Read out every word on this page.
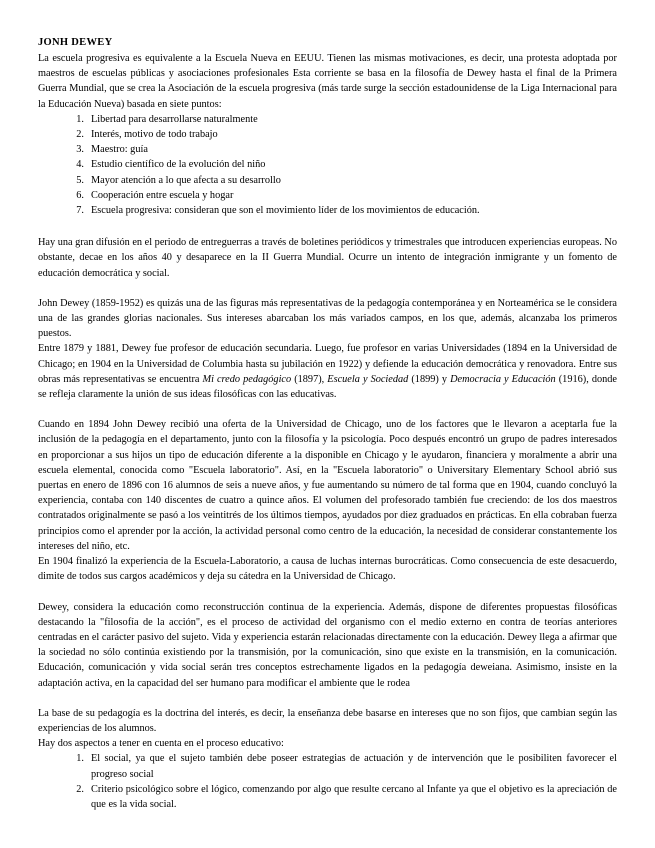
JONH DEWEY

La escuela progresiva es equivalente a la Escuela Nueva en EEUU. Tienen las mismas motivaciones, es decir, una protesta adoptada por maestros de escuelas públicas y asociaciones profesionales Esta corriente se basa en la filosofía de Dewey hasta el final de la Primera Guerra Mundial, que se crea la Asociación de la escuela progresiva (más tarde surge la sección estadounidense de la Liga Internacional para la Educación Nueva) basada en siete puntos:

Libertad para desarrollarse naturalmente
Interés, motivo de todo trabajo
Maestro: guía
Estudio científico de la evolución del niño
Mayor atención a lo que afecta a su desarrollo
Cooperación entre escuela y hogar
Escuela progresiva: consideran que son el movimiento líder de los movimientos de educación.

Hay una gran difusión en el periodo de entreguerras a través de boletines periódicos y trimestrales que introducen experiencias europeas. No obstante, decae en los años 40 y desaparece en la II Guerra Mundial. Ocurre un intento de integración inmigrante y un fomento de educación democrática y social.

John Dewey (1859-1952) es quizás una de las figuras más representativas de la pedagogía contemporánea y en Norteamérica se le considera una de las grandes glorias nacionales. Sus intereses abarcaban los más variados campos, en los que, además, alcanzaba los primeros puestos.

Entre 1879 y 1881, Dewey fue profesor de educación secundaria. Luego, fue profesor en varias Universidades (1894 en la Universidad de Chicago; en 1904 en la Universidad de Columbia hasta su jubilación en 1922) y defiende la educación democrática y renovadora. Entre sus obras más representativas se encuentra Mi credo pedagógico (1897), Escuela y Sociedad (1899) y Democracia y Educación (1916), donde se refleja claramente la unión de sus ideas filosóficas con las educativas.

Cuando en 1894 John Dewey recibió una oferta de la Universidad de Chicago, uno de los factores que le llevaron a aceptarla fue la inclusión de la pedagogía en el departamento, junto con la filosofía y la psicología. Poco después encontró un grupo de padres interesados en proporcionar a sus hijos un tipo de educación diferente a la disponible en Chicago y le ayudaron, financiera y moralmente a abrir una escuela elemental, conocida como "Escuela laboratorio". Así, en la "Escuela laboratorio" o Universitary Elementary School abrió sus puertas en enero de 1896 con 16 alumnos de seis a nueve años, y fue aumentando su número de tal forma que en 1904, cuando concluyó la experiencia, contaba con 140 discentes de cuatro a quince años. El volumen del profesorado también fue creciendo: de los dos maestros contratados originalmente se pasó a los veintitrés de los últimos tiempos, ayudados por diez graduados en prácticas. En ella cobraban fuerza principios como el aprender por la acción, la actividad personal como centro de la educación, la necesidad de considerar constantemente los intereses del niño, etc.

En 1904 finalizó la experiencia de la Escuela-Laboratorio, a causa de luchas internas burocráticas. Como consecuencia de este desacuerdo, dimite de todos sus cargos académicos y deja su cátedra en la Universidad de Chicago.

Dewey, considera la educación como reconstrucción continua de la experiencia. Además, dispone de diferentes propuestas filosóficas destacando la "filosofía de la acción", es el proceso de actividad del organismo con el medio externo en contra de teorías anteriores centradas en el carácter pasivo del sujeto. Vida y experiencia estarán relacionadas directamente con la educación. Dewey llega a afirmar que la sociedad no sólo continúa existiendo por la transmisión, por la comunicación, sino que existe en la transmisión, en la comunicación. Educación, comunicación y vida social serán tres conceptos estrechamente ligados en la pedagogía deweiana. Asimismo, insiste en la adaptación activa, en la capacidad del ser humano para modificar el ambiente que le rodea

La base de su pedagogía es la doctrina del interés, es decir, la enseñanza debe basarse en intereses que no son fijos, que cambian según las experiencias de los alumnos.

Hay dos aspectos a tener en cuenta en el proceso educativo:

El social, ya que el sujeto también debe poseer estrategias de actuación y de intervención que le posibiliten favorecer el progreso social
Criterio psicológico sobre el lógico, comenzando por algo que resulte cercano al Infante ya que el objetivo es la apreciación de que es la vida social.
